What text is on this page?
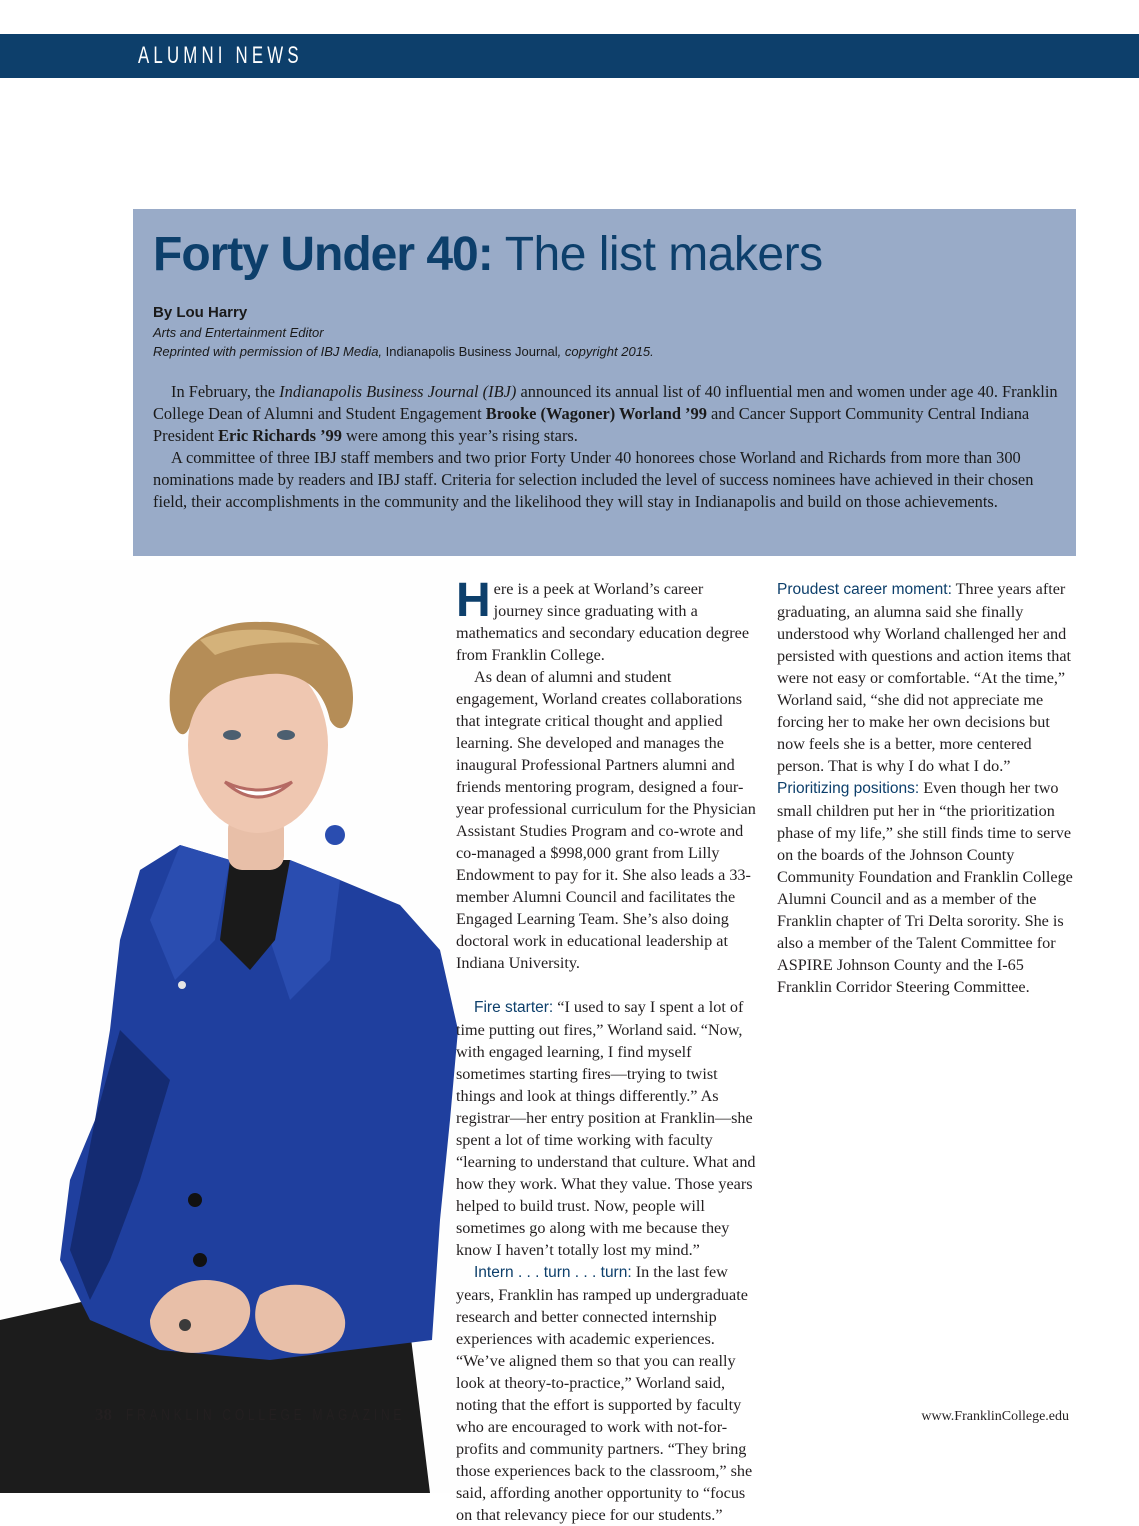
ALUMNI NEWS
Forty Under 40: The list makers
By Lou Harry
Arts and Entertainment Editor
Reprinted with permission of IBJ Media, Indianapolis Business Journal, copyright 2015.

In February, the Indianapolis Business Journal (IBJ) announced its annual list of 40 influential men and women under age 40. Franklin College Dean of Alumni and Student Engagement Brooke (Wagoner) Worland ’99 and Cancer Support Community Central Indiana President Eric Richards ’99 were among this year’s rising stars.

A committee of three IBJ staff members and two prior Forty Under 40 honorees chose Worland and Richards from more than 300 nominations made by readers and IBJ staff. Criteria for selection included the level of success nominees have achieved in their chosen field, their accomplishments in the community and the likelihood they will stay in Indianapolis and build on those achievements.

Here is a peek at Worland’s career journey since graduating with a mathematics and secondary education degree from Franklin College.

As dean of alumni and student engagement, Worland creates collaborations that integrate critical thought and applied learning. She developed and manages the inaugural Professional Partners alumni and friends mentoring program, designed a four-year professional curriculum for the Physician Assistant Studies Program and co-wrote and co-managed a $998,000 grant from Lilly Endowment to pay for it. She also leads a 33-member Alumni Council and facilitates the Engaged Learning Team. She’s also doing doctoral work in educational leadership at Indiana University.

Fire starter: “I used to say I spent a lot of time putting out fires,” Worland said. “Now, with engaged learning, I find myself sometimes starting fires—trying to twist things and look at things differently.” As registrar—her entry position at Franklin—she spent a lot of time working with faculty “learning to understand that culture. What and how they work. What they value. Those years helped to build trust. Now, people will sometimes go along with me because they know I haven’t totally lost my mind.”

Intern . . . turn . . . turn: In the last few years, Franklin has ramped up undergraduate research and better connected internship experiences with academic experiences. “We’ve aligned them so that you can really look at theory-to-practice,” Worland said, noting that the effort is supported by faculty who are encouraged to work with not-for-profits and community partners. “They bring those experiences back to the classroom,” she said, affording another opportunity to “focus on that relevancy piece for our students.”

Proudest career moment: Three years after graduating, an alumna said she finally understood why Worland challenged her and persisted with questions and action items that were not easy or comfortable. “At the time,” Worland said, “she did not appreciate me forcing her to make her own decisions but now feels she is a better, more centered person. That is why I do what I do.”

Prioritizing positions: Even though her two small children put her in “the prioritization phase of my life,” she still finds time to serve on the boards of the Johnson County Community Foundation and Franklin College Alumni Council and as a member of the Franklin chapter of Tri Delta sorority. She is also a member of the Talent Committee for ASPIRE Johnson County and the I-65 Franklin Corridor Steering Committee.

38 FRANKLIN COLLEGE MAGAZINE	www.FranklinCollege.edu
